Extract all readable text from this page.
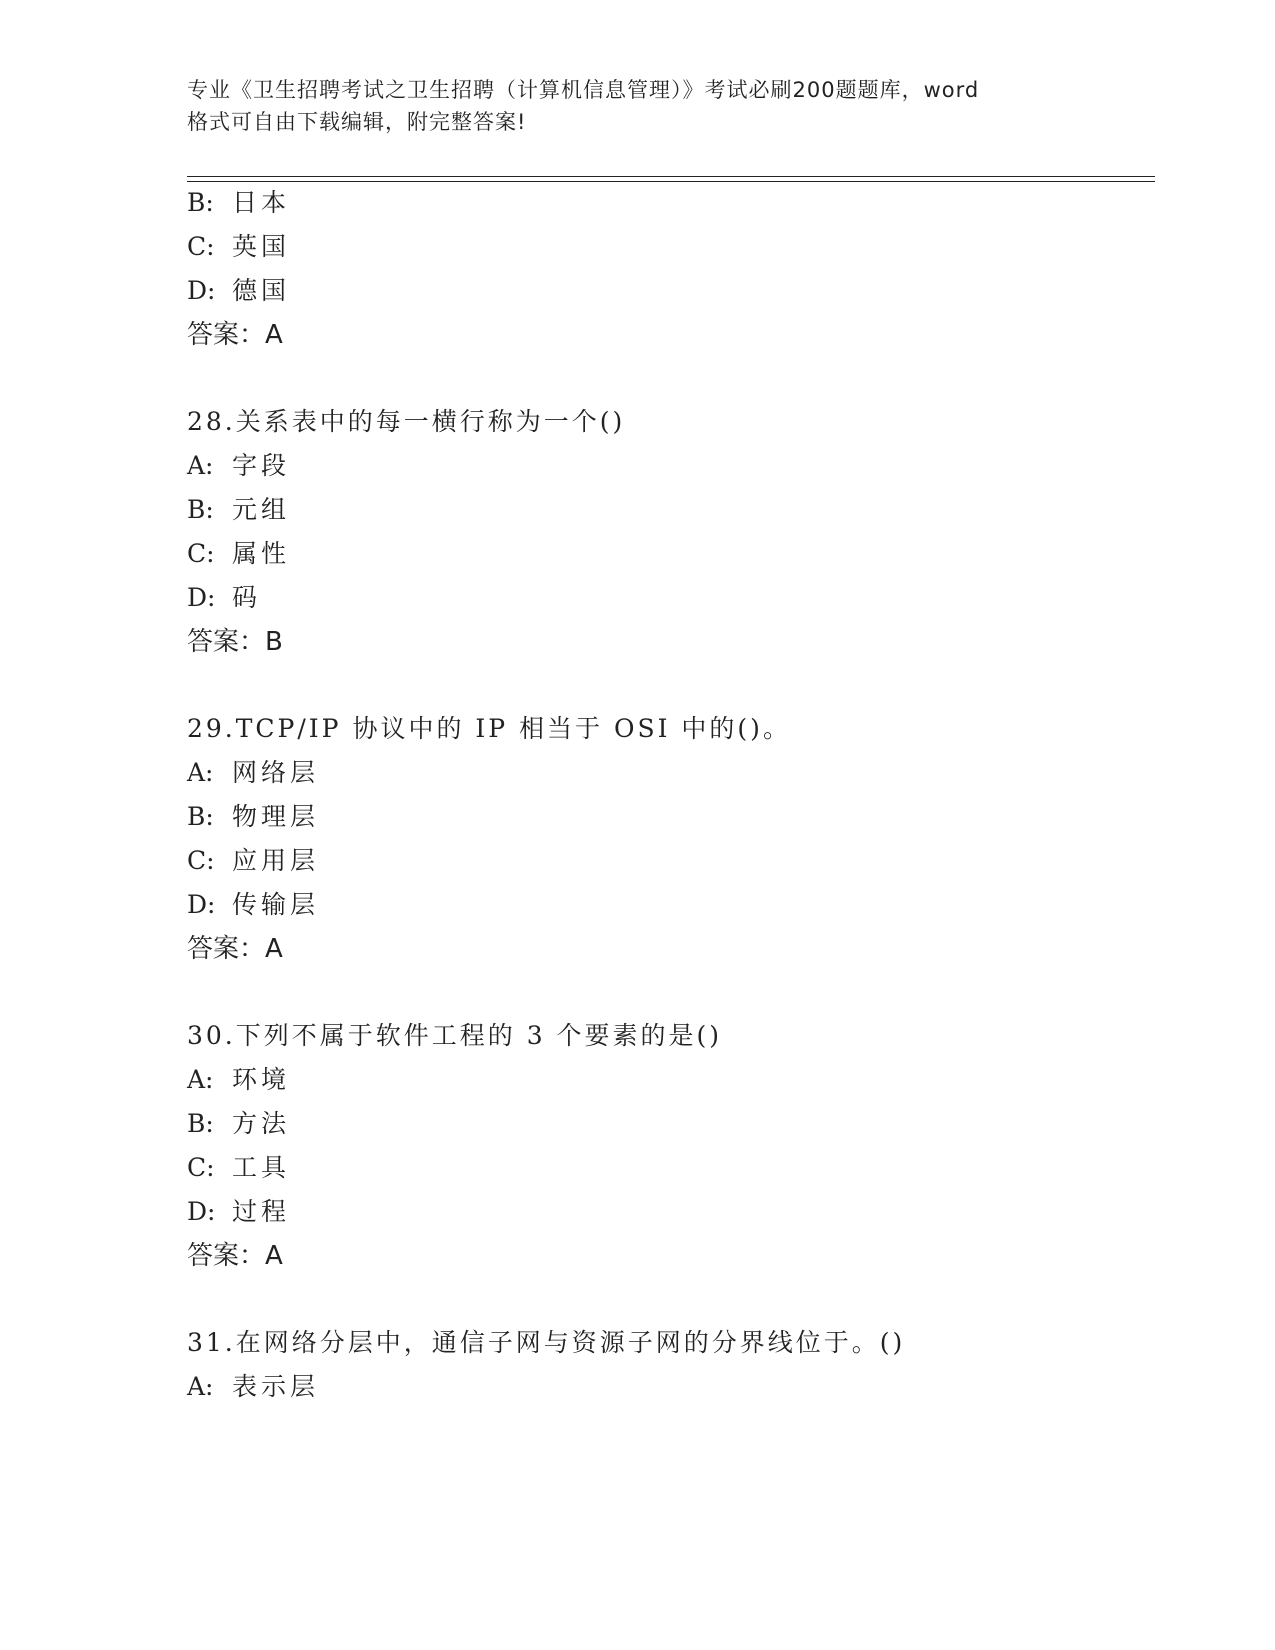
专业《卫生招聘考试之卫生招聘（计算机信息管理）》考试必刷200题题库，word
格式可自由下载编辑，附完整答案!
B: 日本
C: 英国
D: 德国
答案：A
28.关系表中的每一横行称为一个()
A: 字段
B: 元组
C: 属性
D: 码
答案：B
29.TCP/IP 协议中的 IP 相当于 OSI 中的()。
A: 网络层
B: 物理层
C: 应用层
D: 传输层
答案：A
30.下列不属于软件工程的 3 个要素的是()
A: 环境
B: 方法
C: 工具
D: 过程
答案：A
31.在网络分层中，通信子网与资源子网的分界线位于。()
A: 表示层
